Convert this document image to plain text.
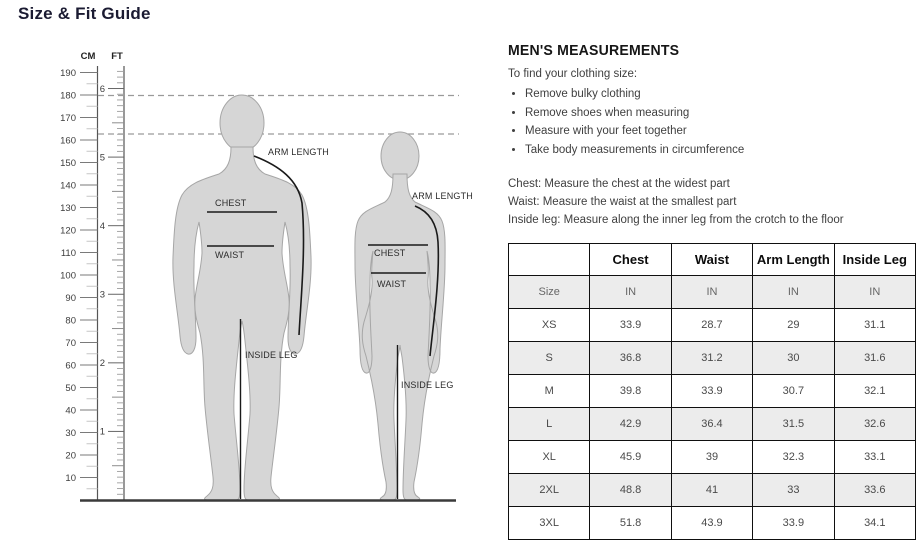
Size & Fit Guide
CM FT
190
180
170
160
150
140
130
120
110
100
90
80
70
60
50
40
30
20
10
1
2
3
4
5
6
CHEST
WAIST
INSIDE LEG
ARM LENGTH
CHEST
WAIST
INSIDE LEG
ARM LENGTH
MEN'S MEASUREMENTS

To find your clothing size:

• Remove bulky clothing
• Remove shoes when measuring
• Measure with your feet together
• Take body measurements in circumference

Chest: Measure the chest at the widest part

Waist: Measure the waist at the smallest part

Inside leg: Measure along the inner leg from the crotch to the floor

	Chest	Waist	Arm Length	Inside Leg
Size	IN	IN	IN	IN
XS	33.9	28.7	29	31.1
S	36.8	31.2	30	31.6
M	39.8	33.9	30.7	32.1
L	42.9	36.4	31.5	32.6
XL	45.9	39	32.3	33.1
2XL	48.8	41	33	33.6
3XL	51.8	43.9	33.9	34.1
